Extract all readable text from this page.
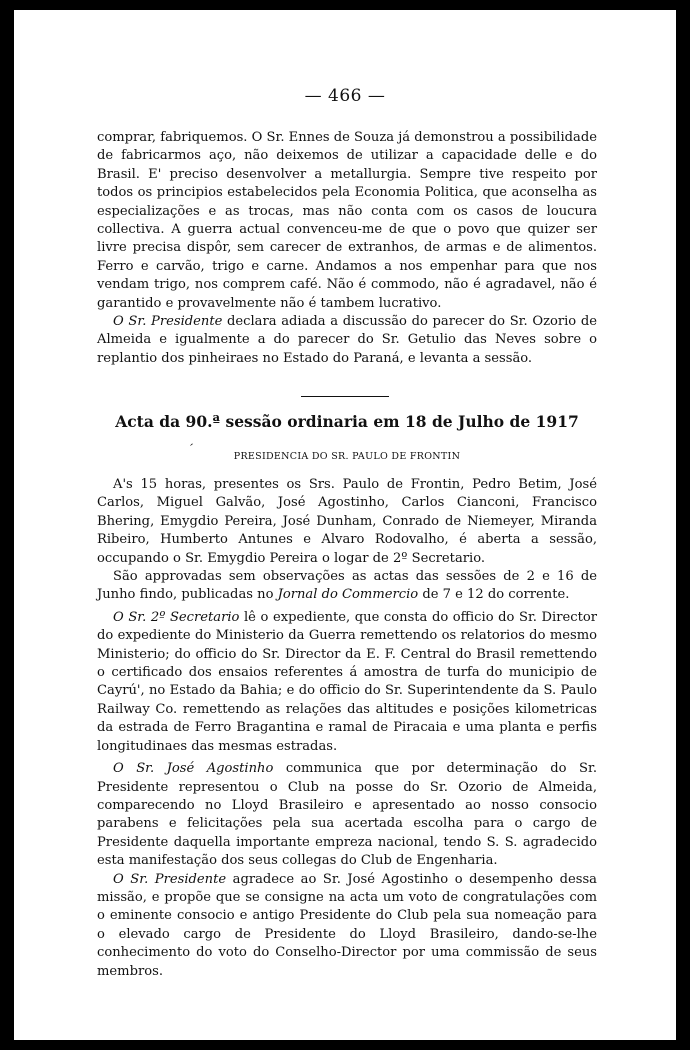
— 466 —

comprar, fabriquemos. O Sr. Ennes de Souza já demonstrou a possibilidade de fabricarmos aço, não deixemos de utilizar a capacidade delle e do Brasil. E' preciso desenvolver a metallurgia. Sempre tive respeito por todos os principios estabelecidos pela Economia Politica, que aconselha as especializações e as trocas, mas não conta com os casos de loucura collectiva. A guerra actual convenceu-me de que o povo que quizer ser livre precisa dispôr, sem carecer de extranhos, de armas e de alimentos. Ferro e carvão, trigo e carne. Andamos a nos empenhar para que nos vendam trigo, nos comprem café. Não é commodo, não é agradavel, não é garantido e provavelmente não é tambem lucrativo.

O Sr. Presidente declara adiada a discussão do parecer do Sr. Ozorio de Almeida e igualmente a do parecer do Sr. Getulio das Neves sobre o replantio dos pinheiraes no Estado do Paraná, e levanta a sessão.

Acta da 90.ª sessão ordinaria em 18 de Julho de 1917
´
PRESIDENCIA DO SR. PAULO DE FRONTIN

A's 15 horas, presentes os Srs. Paulo de Frontin, Pedro Betim, José Carlos, Miguel Galvão, José Agostinho, Carlos Cianconi, Francisco Bhering, Emygdio Pereira, José Dunham, Conrado de Niemeyer, Miranda Ribeiro, Humberto Antunes e Alvaro Rodovalho, é aberta a sessão, occupando o Sr. Emygdio Pereira o logar de 2º Secretario.

São approvadas sem observações as actas das sessões de 2 e 16 de Junho findo, publicadas no Jornal do Commercio de 7 e 12 do corrente.

O Sr. 2º Secretario lê o expediente, que consta do officio do Sr. Director do expediente do Ministerio da Guerra remettendo os relatorios do mesmo Ministerio; do officio do Sr. Director da E. F. Central do Brasil remettendo o certificado dos ensaios referentes á amostra de turfa do municipio de Cayrú', no Estado da Bahia; e do officio do Sr. Superintendente da S. Paulo Railway Co. remettendo as relações das altitudes e posições kilometricas da estrada de Ferro Bragantina e ramal de Piracaia e uma planta e perfis longitudinaes das mesmas estradas.

O Sr. José Agostinho communica que por determinação do Sr. Presidente representou o Club na posse do Sr. Ozorio de Almeida, comparecendo no Lloyd Brasileiro e apresentado ao nosso consocio parabens e felicitações pela sua acertada escolha para o cargo de Presidente daquella importante empreza nacional, tendo S. S. agradecido esta manifestação dos seus collegas do Club de Engenharia.

O Sr. Presidente agradece ao Sr. José Agostinho o desempenho dessa missão, e propõe que se consigne na acta um voto de congratulações com o eminente consocio e antigo Presidente do Club pela sua nomeação para o elevado cargo de Presidente do Lloyd Brasileiro, dando-se-lhe conhecimento do voto do Conselho-Director por uma commissão de seus membros.
